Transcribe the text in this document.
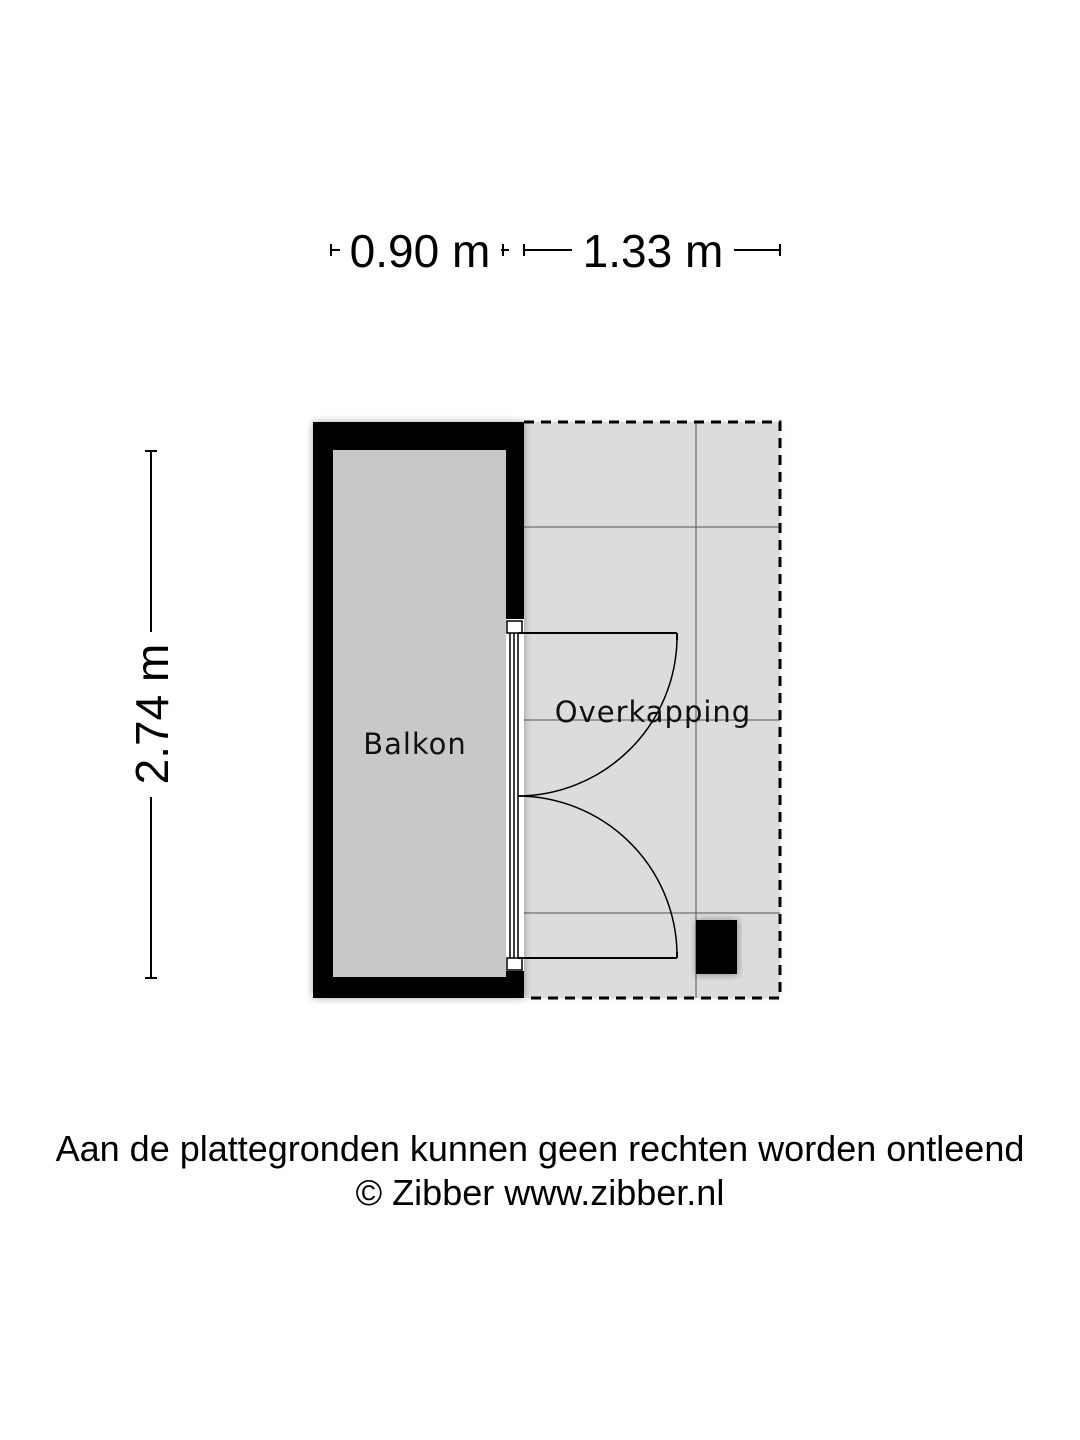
0.90 m 1.33 m
2.74 m	Balkon
Overkapping
Aan de plattegronden kunnen geen rechten worden ontleend
© Zibber www.zibber.nl
